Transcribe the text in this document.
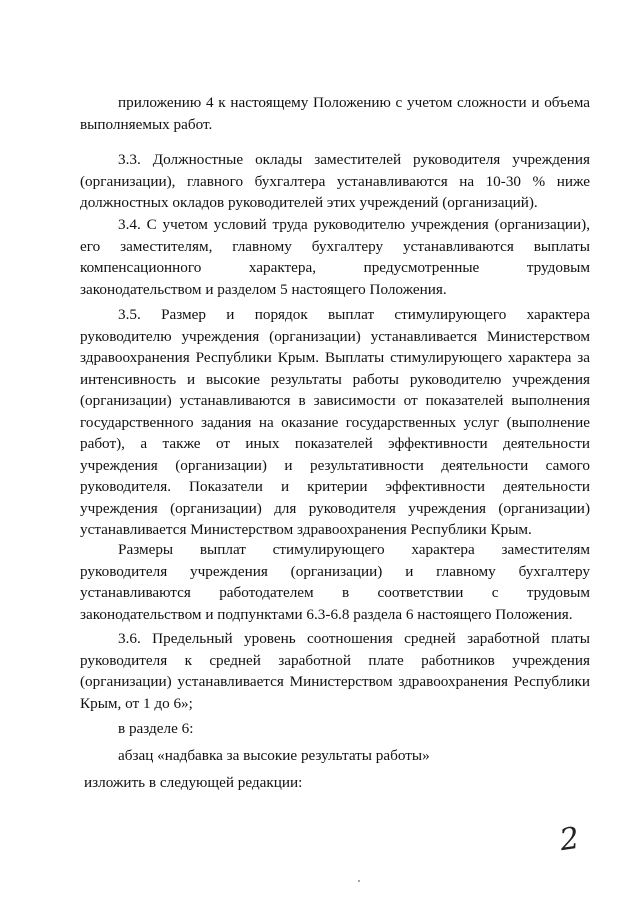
приложению 4 к настоящему Положению с учетом сложности и объема
выполняемых работ.

3.3. Должностные оклады заместителей руководителя учреждения
(организации), главного бухгалтера устанавливаются на 10-30 % ниже
должностных окладов руководителей этих учреждений (организаций).

3.4. С учетом условий труда руководителю учреждения (организации),
его заместителям, главному бухгалтеру устанавливаются выплаты
компенсационного характера, предусмотренные трудовым
законодательством и разделом 5 настоящего Положения.

3.5. Размер и порядок выплат стимулирующего характера
руководителю учреждения (организации) устанавливается Министерством
здравоохранения Республики Крым. Выплаты стимулирующего характера за
интенсивность и высокие результаты работы руководителю учреждения
(организации) устанавливаются в зависимости от показателей выполнения
государственного задания на оказание государственных услуг (выполнение
работ), а также от иных показателей эффективности деятельности
учреждения (организации) и результативности деятельности самого
руководителя. Показатели и критерии эффективности деятельности
учреждения (организации) для руководителя учреждения (организации)
устанавливается Министерством здравоохранения Республики Крым.

Размеры выплат стимулирующего характера заместителям
руководителя учреждения (организации) и главному бухгалтеру
устанавливаются работодателем в соответствии с трудовым
законодательством и подпунктами 6.3-6.8 раздела 6 настоящего Положения.

3.6. Предельный уровень соотношения средней заработной платы
руководителя к средней заработной плате работников учреждения
(организации) устанавливается Министерством здравоохранения Республики
Крым, от 1 до 6»;

в разделе 6:

абзац «надбавка за высокие результаты работы»

изложить в следующей редакции:

2
